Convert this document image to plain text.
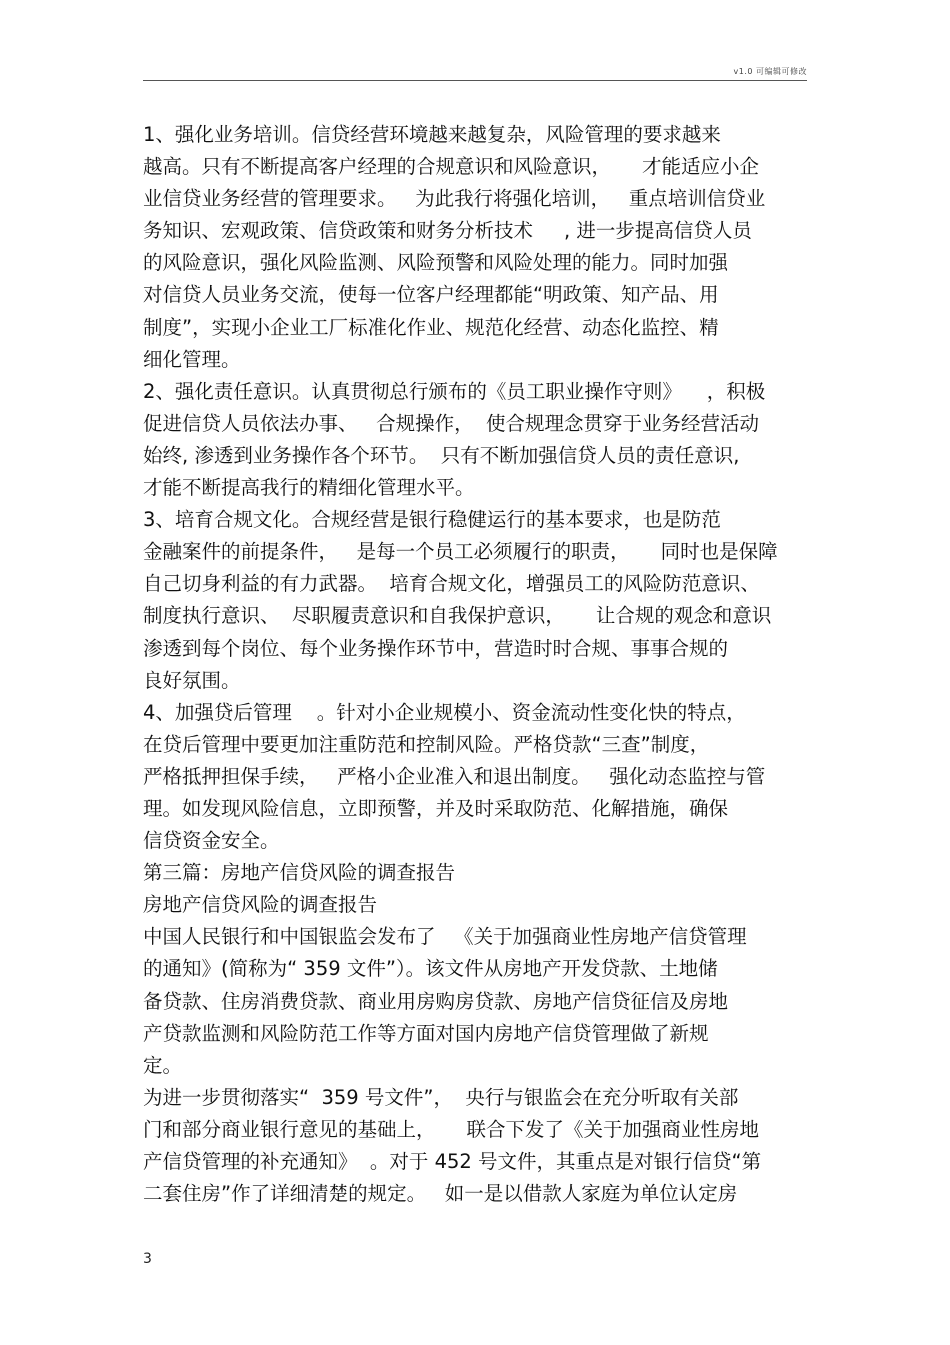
v1.0 可编辑可修改
1、强化业务培训。信贷经营环境越来越复杂，风险管理的要求越来
越高。只有不断提高客户经理的合规意识和风险意识，     才能适应小企
业信贷业务经营的管理要求。   为此我行将强化培训，   重点培训信贷业
务知识、宏观政策、信贷政策和财务分析技术     , 进一步提高信贷人员
的风险意识，强化风险监测、风险预警和风险处理的能力。同时加强
对信贷人员业务交流，使每一位客户经理都能“明政策、知产品、用
制度”，实现小企业工厂标准化作业、规范化经营、动态化监控、精
细化管理。
2、强化责任意识。认真贯彻总行颁布的《员工职业操作守则》    ，积极
促进信贷人员依法办事、   合规操作，  使合规理念贯穿于业务经营活动
始终, 渗透到业务操作各个环节。  只有不断加强信贷人员的责任意识,
才能不断提高我行的精细化管理水平。
3、培育合规文化。合规经营是银行稳健运行的基本要求，也是防范
金融案件的前提条件，   是每一个员工必须履行的职责，     同时也是保障
自己切身利益的有力武器。  培育合规文化，增强员工的风险防范意识、
制度执行意识、  尽职履责意识和自我保护意识，     让合规的观念和意识
渗透到每个岗位、每个业务操作环节中，营造时时合规、事事合规的
良好氛围。
4、加强贷后管理    。针对小企业规模小、资金流动性变化快的特点，
在贷后管理中要更加注重防范和控制风险。严格贷款“三查”制度，
严格抵押担保手续，   严格小企业准入和退出制度。   强化动态监控与管
理。如发现风险信息，立即预警，并及时采取防范、化解措施，确保
信贷资金安全。
第三篇：房地产信贷风险的调查报告
房地产信贷风险的调查报告
中国人民银行和中国银监会发布了   《关于加强商业性房地产信贷管理
的通知》(简称为“ 359 文件”）。该文件从房地产开发贷款、土地储
备贷款、住房消费贷款、商业用房购房贷款、房地产信贷征信及房地
产贷款监测和风险防范工作等方面对国内房地产信贷管理做了新规
定。
为进一步贯彻落实“  359 号文件”，  央行与银监会在充分听取有关部
门和部分商业银行意见的基础上，     联合下发了《关于加强商业性房地
产信贷管理的补充通知》  。对于 452 号文件，其重点是对银行信贷“第
二套住房”作了详细清楚的规定。   如一是以借款人家庭为单位认定房
3
